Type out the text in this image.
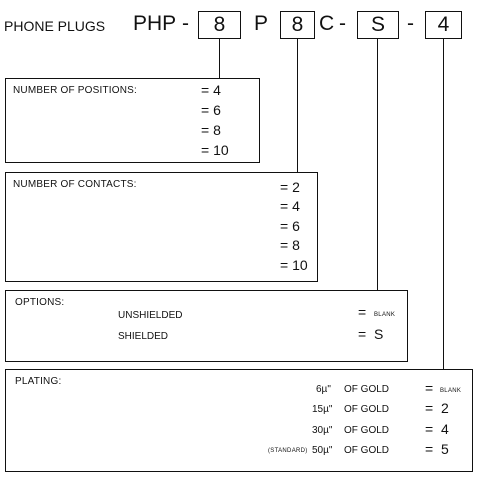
PHONE PLUGS PHP -	8	P	8 C -	S	-	4
NUMBER OF POSITIONS:	= 4
= 6
= 8
= 10
NUMBER OF CONTACTS:	= 2
= 4
= 6
= 8
= 10
OPTIONS:
UNSHIELDED	= BLANK
SHIELDED	= S
PLATING:
6µ" OF GOLD	= BLANK
15µ" OF GOLD	= 2
30µ" OF GOLD	= 4
(STANDARD) 50µ" OF GOLD	= 5
